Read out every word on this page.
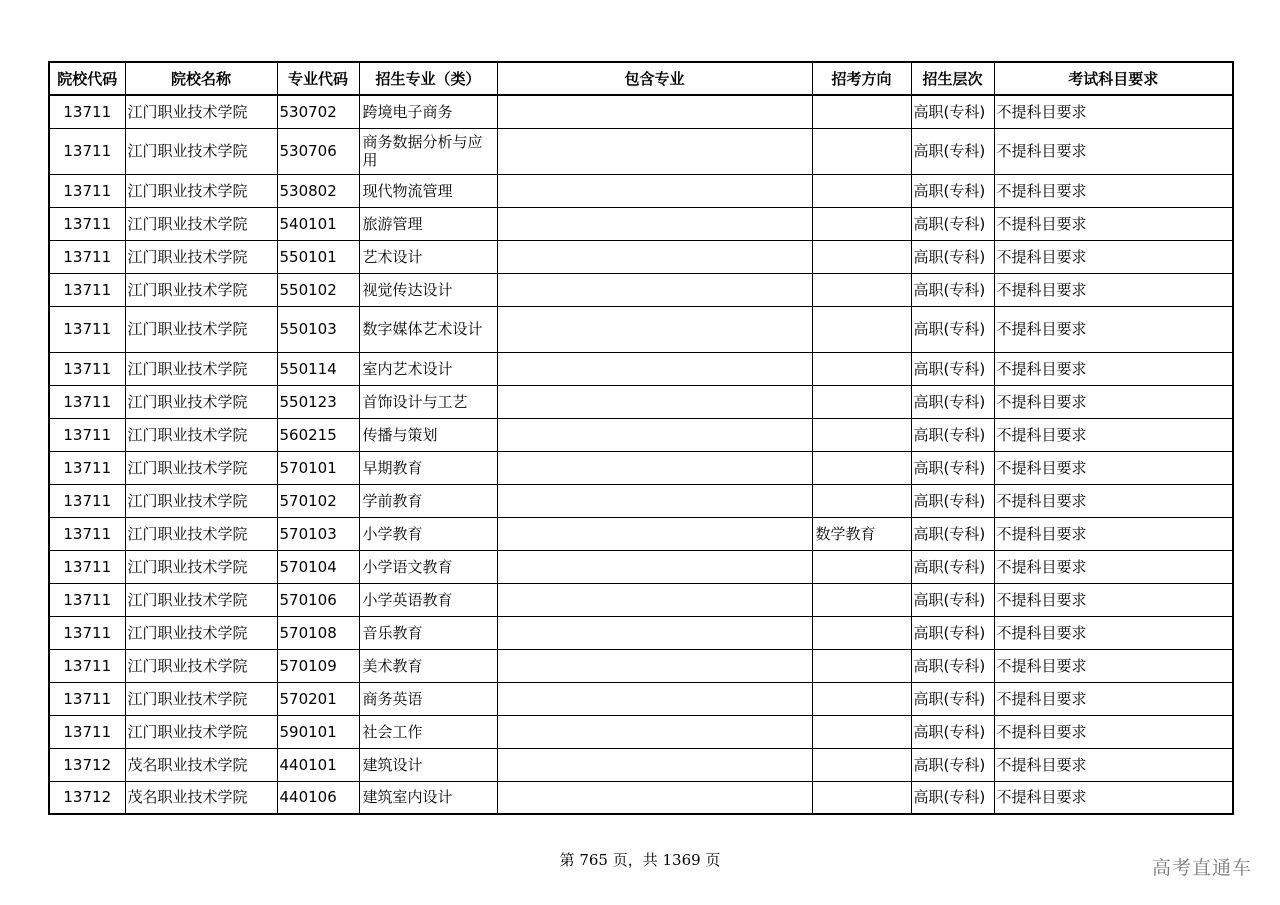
院校代码	院校名称	专业代码	招生专业（类）	包含专业	招考方向	招生层次	考试科目要求
13711	江门职业技术学院	530702	跨境电子商务			高职(专科)	不提科目要求
13711	江门职业技术学院	530706	商务数据分析与应用			高职(专科)	不提科目要求
13711	江门职业技术学院	530802	现代物流管理			高职(专科)	不提科目要求
13711	江门职业技术学院	540101	旅游管理			高职(专科)	不提科目要求
13711	江门职业技术学院	550101	艺术设计			高职(专科)	不提科目要求
13711	江门职业技术学院	550102	视觉传达设计			高职(专科)	不提科目要求
13711	江门职业技术学院	550103	数字媒体艺术设计			高职(专科)	不提科目要求
13711	江门职业技术学院	550114	室内艺术设计			高职(专科)	不提科目要求
13711	江门职业技术学院	550123	首饰设计与工艺			高职(专科)	不提科目要求
13711	江门职业技术学院	560215	传播与策划			高职(专科)	不提科目要求
13711	江门职业技术学院	570101	早期教育			高职(专科)	不提科目要求
13711	江门职业技术学院	570102	学前教育			高职(专科)	不提科目要求
13711	江门职业技术学院	570103	小学教育		数学教育	高职(专科)	不提科目要求
13711	江门职业技术学院	570104	小学语文教育			高职(专科)	不提科目要求
13711	江门职业技术学院	570106	小学英语教育			高职(专科)	不提科目要求
13711	江门职业技术学院	570108	音乐教育			高职(专科)	不提科目要求
13711	江门职业技术学院	570109	美术教育			高职(专科)	不提科目要求
13711	江门职业技术学院	570201	商务英语			高职(专科)	不提科目要求
13711	江门职业技术学院	590101	社会工作			高职(专科)	不提科目要求
13712	茂名职业技术学院	440101	建筑设计			高职(专科)	不提科目要求
13712	茂名职业技术学院	440106	建筑室内设计			高职(专科)	不提科目要求
第 765 页，共 1369 页	高考直通车
